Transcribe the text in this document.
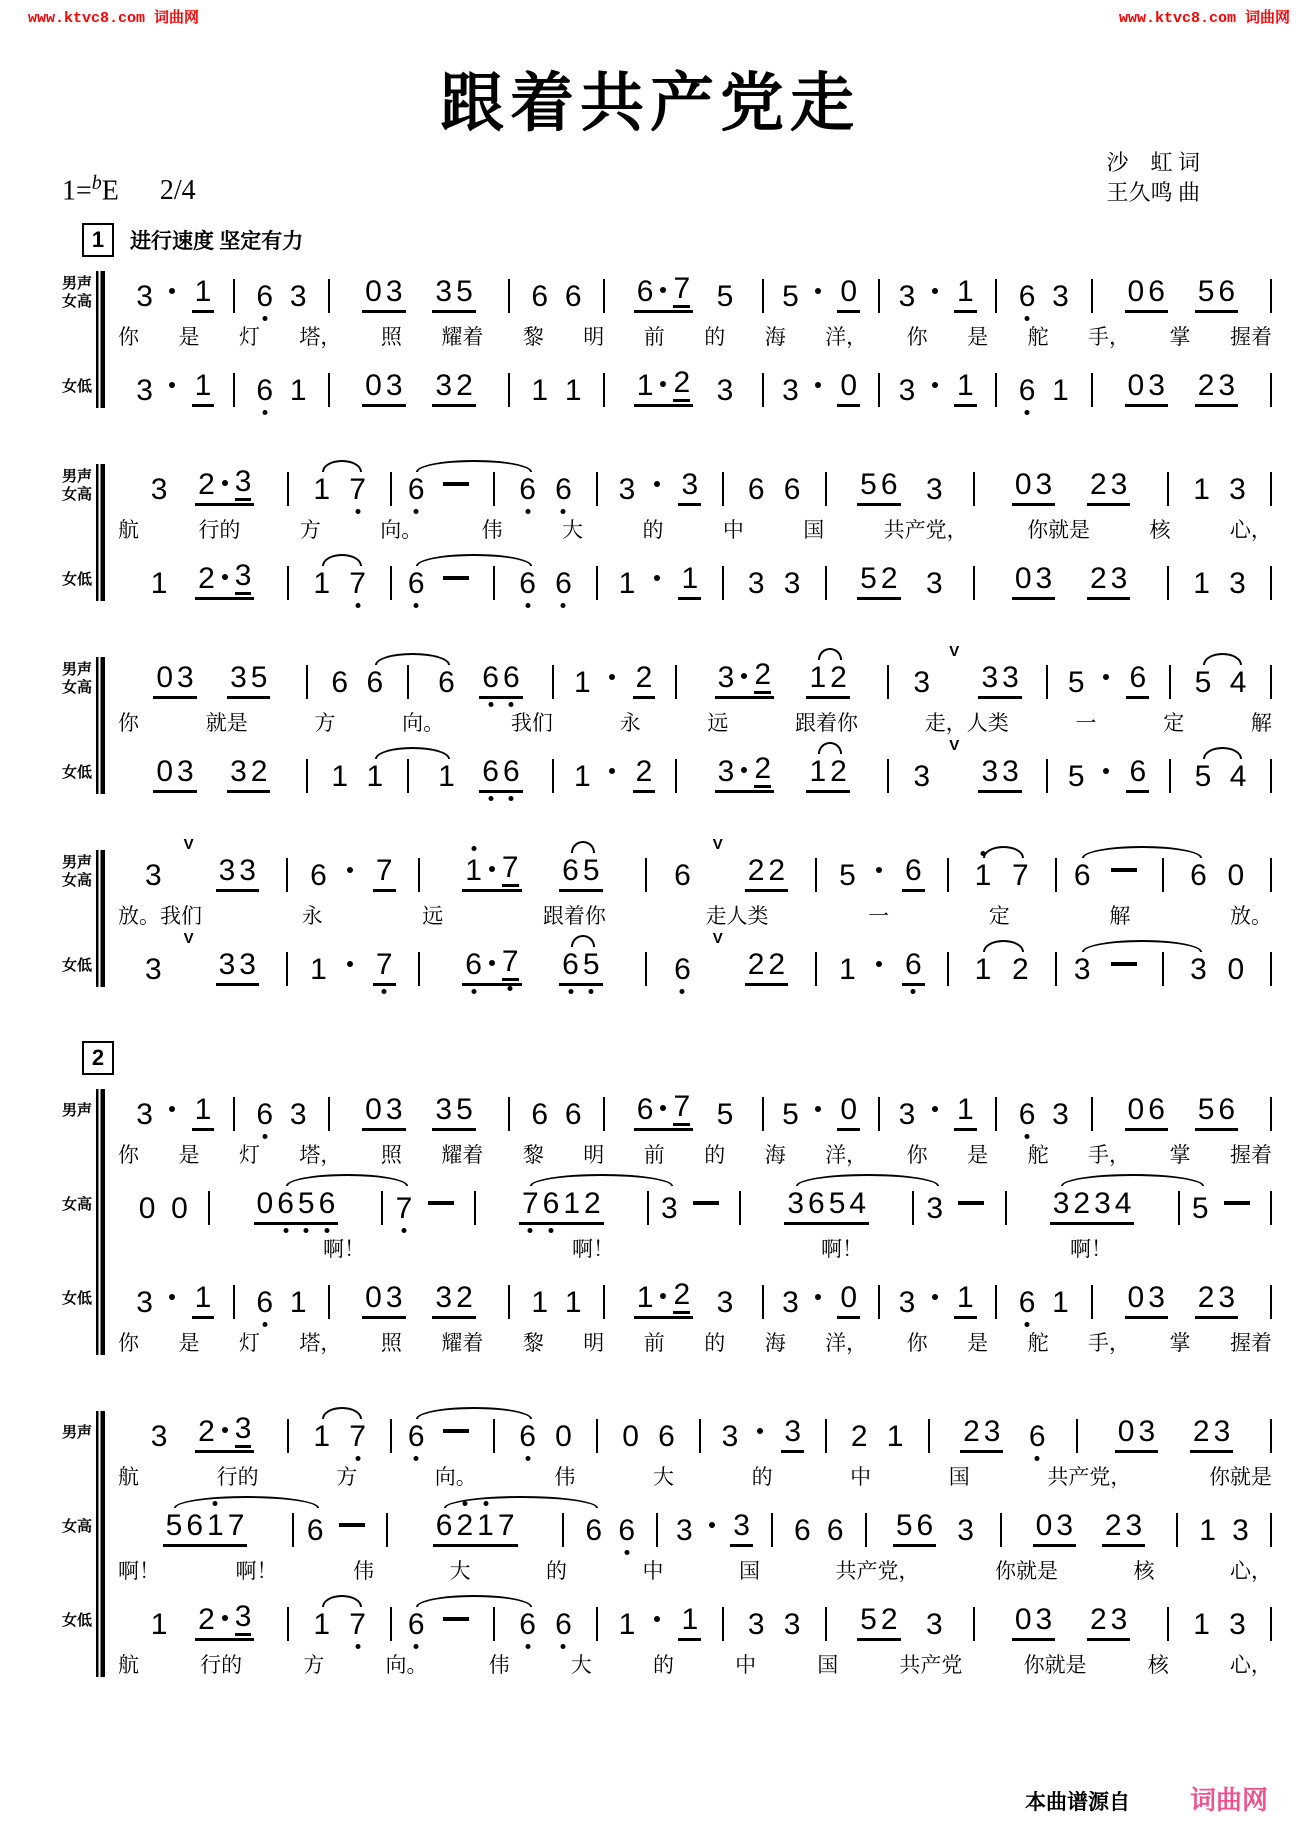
www.ktvc8.com 词曲网	www.ktvc8.com 词曲网
跟着共产党走
1=$^b$E 2/4
沙　虹 词
王久鸣 曲
1	进行速度 坚定有力
男声
女高 3 1 6 3 0 3 3 5 6 6 6 7 5 5 0 3 1 6 3 0 6 5 6
你 是 灯 塔， 照 耀着 黎 明 前 的 海 洋， 你 是 舵 手， 掌 握着
女低 3 1 6 1 0 3 3 2 1 1 1 2 3 3 0 3 1 6 1 0 3 2 3
男声
女高 3 2 3 1 7 6	6 6 3 3 6 6 5 6 3 0 3 2 3 1 3
航	行的	方	向。	伟	大	的	中	国	共产党，	你就是	核	心，
女低 1 2 3 1 7 6	6 6 1 1 3 3 5 2 3 0 3 2 3 1 3
男声
女高 0 3 3 5 6 6 6 6 6 1 2 3 2 1 2 3
V
3 3 5 6 5 4
你	就是	方	向。	我们	永	远	跟着你	走，人类	一	定	解
女低 0 3 3 2 1 1 1 6 6 1 2 3 2 1 2 3
V
3 3 5 6 5 4
男声
女高 3
V
3 3 6 7 1 7 6 5 6
V
2 2 5 6 1 7 6	6 0
放。我们	永	远	跟着你	走人类	一	定	解	放。
女低 3
V
3 3 1 7 6 7 6 5 6
V
2 2 1 6 1 2 3	3 0
2
男声 3 1 6 3 0 3 3 5 6 6 6 7 5 5 0 3 1 6 3 0 6 5 6
你 是 灯 塔， 照 耀着 黎 明 前 的 海 洋， 你 是 舵 手， 掌 握着
女高 0 0 0 6 5 6 7	7 6 1 2 3	3 6 5 4 3	3 2 3 4 5
啊！	啊！	啊！	啊！
女低 3 1 6 1 0 3 3 2 1 1 1 2 3 3 0 3 1 6 1 0 3 2 3
你 是 灯 塔， 照 耀着 黎 明 前 的 海 洋， 你 是 舵 手， 掌 握着
男声 3 2 3 1 7 6	6 0 0 6 3 3 2 1 2 3 6 0 3 2 3
航	行的	方	向。	伟	大	的	中	国	共产党，	你就是
女高 5 6 1 7 6	6 2 1 7 6 6 3 3 6 6 5 6 3 0 3 2 3 1 3
啊！	啊！	伟	大	的	中	国	共产党，	你就是	核	心，
女低 1 2 3 1 7 6	6 6 1 1 3 3 5 2 3 0 3 2 3 1 3
航	行的	方	向。	伟	大	的	中	国	共产党	你就是	核	心，
本曲谱源自 词曲网
